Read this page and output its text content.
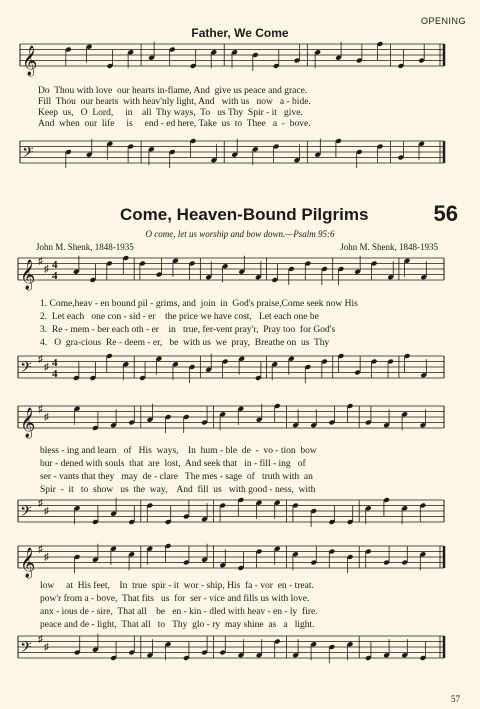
OPENING
Father, We Come
𝄞
Do  Thou with love  our hearts in-flame, And  give us peace and grace.
Fill  Thou  our hearts  with heav'nly light, And   with us   now   a - bide.
Keep  us,   O  Lord,     in    all  Thy ways,  To   us Thy  Spir - it   give.
And  when  our  life     is     end - ed here, Take  us  to  Thee   a  -  bove.
𝄢
Come, Heaven-Bound Pilgrims	56
O come, let us worship and bow down.—Psalm 95:6
John M. Shenk, 1848-1935	John M. Shenk, 1848-1935
𝄞 ♯
♯ 4
4
1. Come,heav - en bound pil - grims, and  join  in  God's praise,Come seek now His
2.  Let each   one con - sid - er    the price we have cost,   Let each one be
3.  Re - mem - ber each oth - er    in   true, fer-vent pray'r,  Pray too  for God's
4.   O  gra-cious  Re - deem - er,   be  with us  we  pray,  Breathe on  us  Thy
𝄢 ♯
♯ 4
4
𝄞 ♯
♯
bless - ing and learn   of   His  ways,    In  hum - ble  de  -  vo - tion  bow
bur - dened with souls  that  are  lost,  And seek that   in - fill - ing   of
ser - vants that they   may  de - clare   The mes - sage  of   truth with  an
Spir  -  it   to  show   us  the  way,    And  fill  us   with good - ness,  with
𝄢 ♯
♯
𝄞 ♯
♯
low     at  His feet,    In  true  spir - it  wor - ship, His  fa - vor  en - treat.
pow'r from a - bove,  That fits   us  for  ser - vice and fills us with love.
anx - ious de - sire,  That all    be   en - kin - dled with heav - en - ly  fire.
peace and de - light,  That all   to   Thy  glo - ry  may shine  as   a   light.
𝄢 ♯
♯
57
